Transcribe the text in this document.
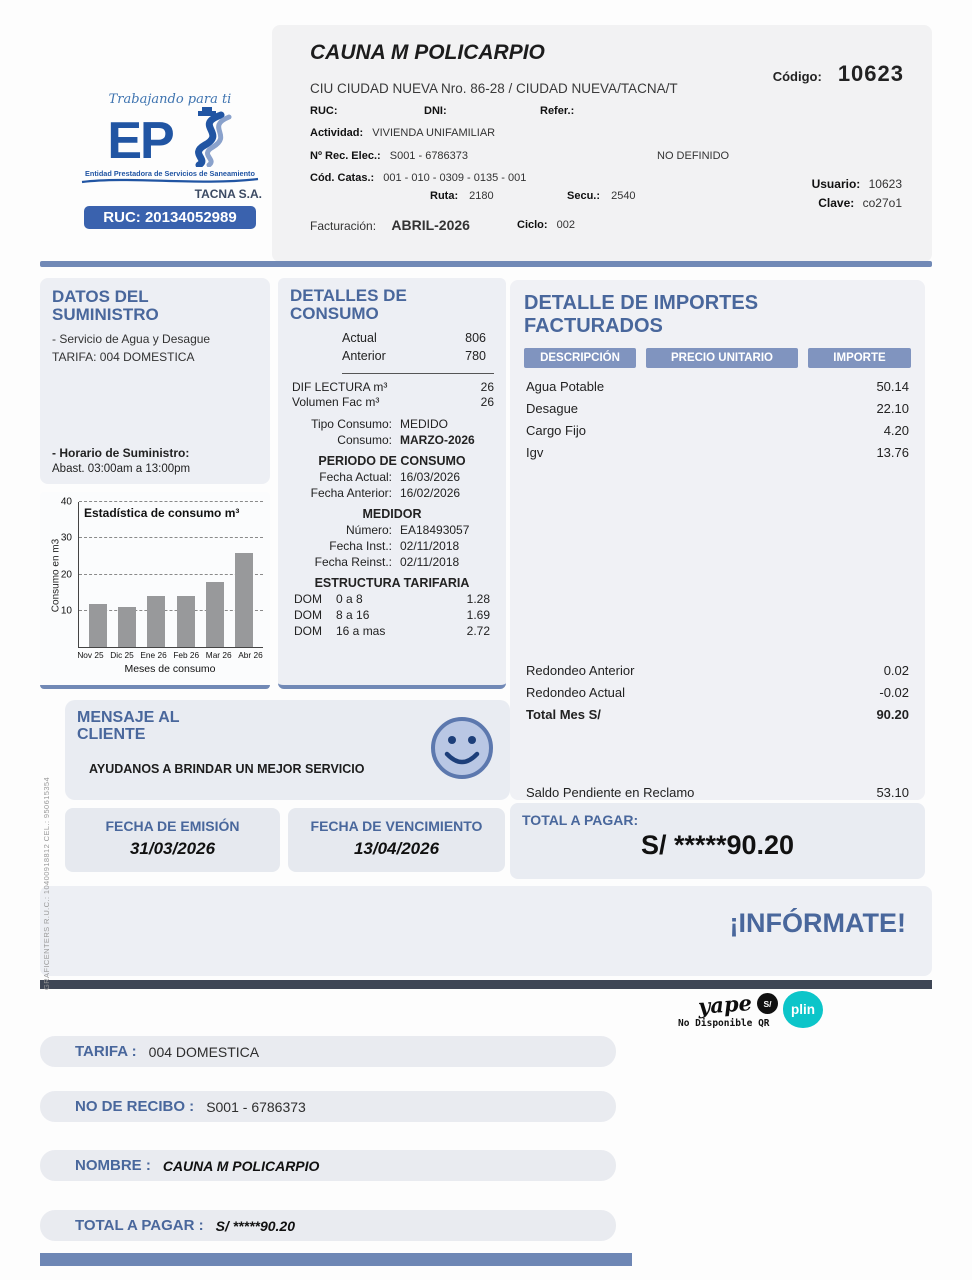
CAUNA M POLICARPIO
Código: 10623
CIU CIUDAD NUEVA Nro. 86-28 / CIUDAD NUEVA/TACNA/T
RUC:	DNI:	Refer.:
Actividad: VIVIENDA UNIFAMILIAR
Nº Rec. Elec.: S001 - 6786373	NO DEFINIDO
Cód. Catas.: 001 - 010 - 0309 - 0135 - 001
Ruta: 2180	Secu.: 2540
Usuario: 10623
Clave: co27o1
Facturación: ABRIL-2026	Ciclo: 002
Trabajando para ti
EP
Entidad Prestadora de Servicios de Saneamiento
TACNA S.A.
RUC: 20134052989
DATOS DEL SUMINISTRO
- Servicio de Agua y Desague
TARIFA: 004 DOMESTICA
- Horario de Suministro:
Abast. 03:00am a 13:00pm
Estadística de consumo m³
Consumo en m3 10
20
30
40
Nov 25 Dic 25 Ene 26 Feb 26 Mar 26 Abr 26
Meses de consumo
DETALLES DE CONSUMO
Actual	806
Anterior	780
DIF LECTURA m³	26
Volumen Fac m³	26
Tipo Consumo: MEDIDO
Consumo: MARZO-2026
PERIODO DE CONSUMO
Fecha Actual: 16/03/2026
Fecha Anterior: 16/02/2026
MEDIDOR
Número: EA18493057
Fecha Inst.: 02/11/2018
Fecha Reinst.: 02/11/2018
ESTRUCTURA TARIFARIA
DOM	0 a 8	1.28
DOM	8 a 16	1.69
DOM	16 a mas	2.72
DETALLE DE IMPORTES FACTURADOS
DESCRIPCIÓN	PRECIO UNITARIO	IMPORTE
Agua Potable	50.14
Desague	22.10
Cargo Fijo	4.20
Igv	13.76
Redondeo Anterior	0.02
Redondeo Actual	-0.02
Total Mes S/	90.20
Saldo Pendiente en Reclamo	53.10
MENSAJE AL CLIENTE
AYUDANOS A BRINDAR UN MEJOR SERVICIO
FECHA DE EMISIÓN
31/03/2026
FECHA DE VENCIMIENTO
13/04/2026
TOTAL A PAGAR:
S/ *****90.20
¡INFÓRMATE!
yape	S/	plin
No Disponible QR
TARIFA : 004 DOMESTICA
NO DE RECIBO : S001 - 6786373
NOMBRE : CAUNA M POLICARPIO
TOTAL A PAGAR : S/ *****90.20
GRAFICENTERS R.U.C.: 10400918812 CEL.: 950615354
